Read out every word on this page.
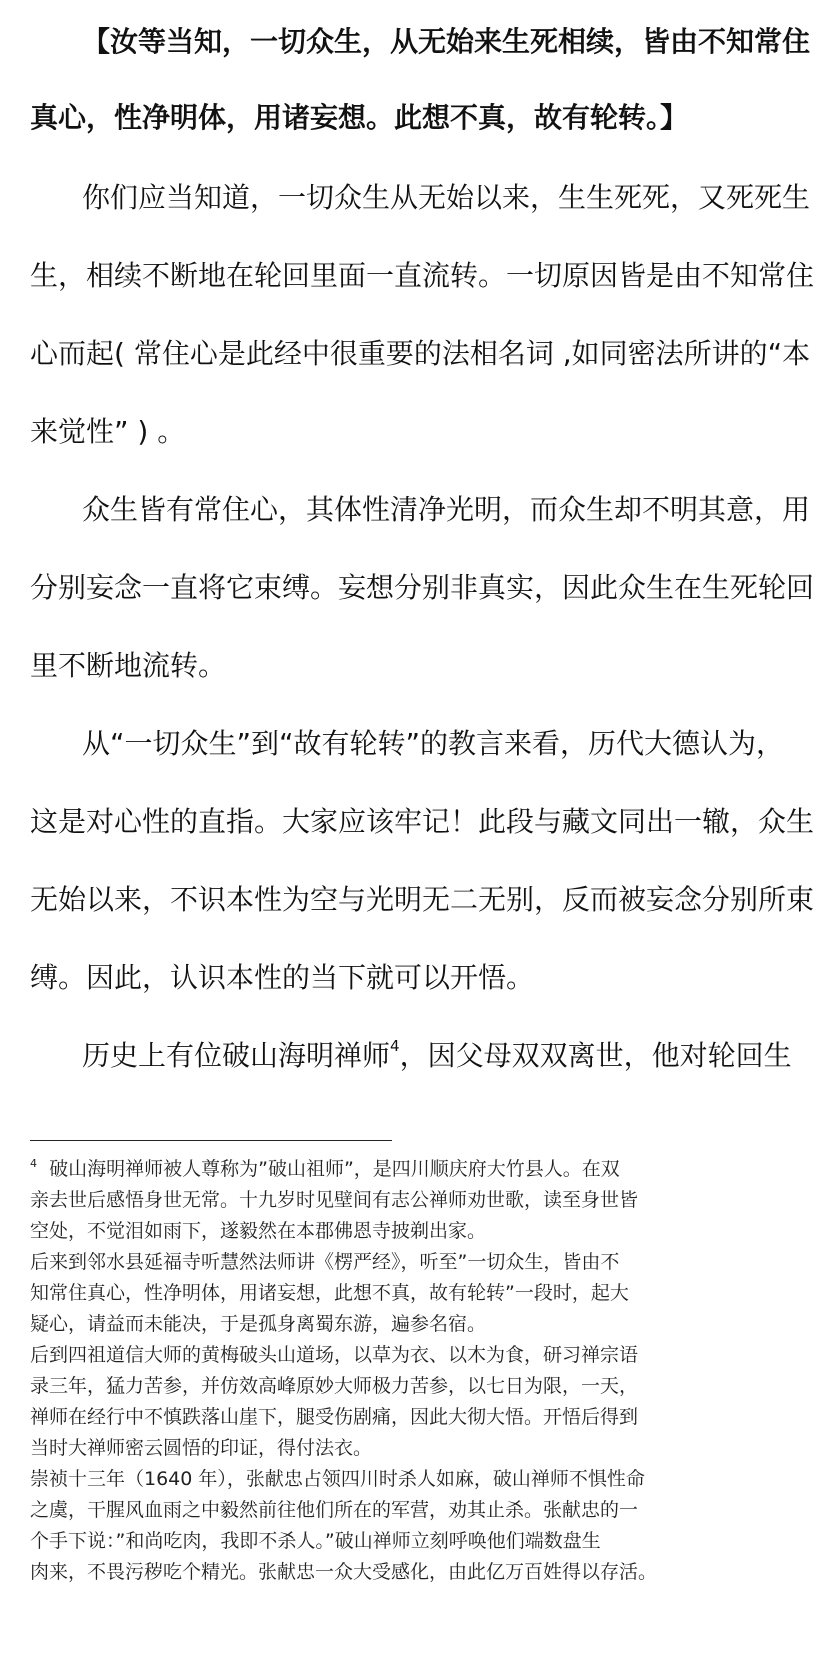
【汝等当知，一切众生，从无始来生死相续，皆由不知常住
真心，性净明体，用诸妄想。此想不真，故有轮转。】
你们应当知道，一切众生从无始以来，生生死死，又死死生
生，相续不断地在轮回里面一直流转。一切原因皆是由不知常住
心而起( 常住心是此经中很重要的法相名词 ,如同密法所讲的“本
来觉性” ) 。
众生皆有常住心，其体性清净光明，而众生却不明其意，用
分别妄念一直将它束缚。妄想分别非真实，因此众生在生死轮回
里不断地流转。
从“一切众生”到“故有轮转”的教言来看，历代大德认为，
这是对心性的直指。大家应该牢记！此段与藏文同出一辙，众生
无始以来，不识本性为空与光明无二无别，反而被妄念分别所束
缚。因此，认识本性的当下就可以开悟。
历史上有位破山海明禅师$^4$，因父母双双离世，他对轮回生
$^4$ 破山海明禅师被人尊称为”破山祖师”，是四川顺庆府大竹县人。在双
亲去世后感悟身世无常。十九岁时见壁间有志公禅师劝世歌，读至身世皆
空处，不觉泪如雨下，遂毅然在本郡佛恩寺披剃出家。
后来到邻水县延福寺听慧然法师讲《楞严经》，听至”一切众生，皆由不
知常住真心，性净明体，用诸妄想，此想不真，故有轮转”一段时，起大
疑心，请益而未能决，于是孤身离蜀东游，遍参名宿。
后到四祖道信大师的黄梅破头山道场，以草为衣、以木为食，研习禅宗语
录三年，猛力苦参，并仿效高峰原妙大师极力苦参，以七日为限，一天，
禅师在经行中不慎跌落山崖下，腿受伤剧痛，因此大彻大悟。开悟后得到
当时大禅师密云圆悟的印证，得付法衣。
崇祯十三年（1640 年），张献忠占领四川时杀人如麻，破山禅师不惧性命
之虞，干腥风血雨之中毅然前往他们所在的军营，劝其止杀。张献忠的一
个手下说：”和尚吃肉，我即不杀人。”破山禅师立刻呼唤他们端数盘生
肉来，不畏污秽吃个精光。张献忠一众大受感化，由此亿万百姓得以存活。
